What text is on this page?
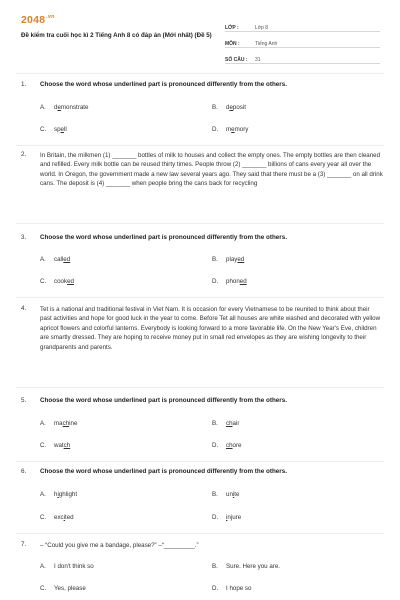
$2048^{.vn}$
Đề kiểm tra cuối học kì 2 Tiếng Anh 8 có đáp án (Mới nhất) (Đề 5)
LỚP :	Lớp 8
MÔN :	Tiếng Anh
SỐ CÂU :	31
1. Choose the word whose underlined part is pronounced differently from the others.
A. demonstrate	B. deposit
C. spell	D. memory
2. In Britain, the milkmen (1) _______ bottles of milk to houses and collect the empty ones. The empty bottles are then cleaned and refilled. Every milk bottle can be reused thirty times. People throw (2) _______ billions of cans every year all over the world. In Oregon, the government made a new law several years ago. They said that there must be a (3) _______ on all drink cans. The deposit is (4) _______ when people bring the cans back for recycling
3. Choose the word whose underlined part is pronounced differently from the others.
A. called	B. played
C. cooked	D. phoned
4. Tet is a national and traditional festival in Viet Nam. It is occasion for every Vietnamese to be reunited to think about their past activities and hope for good luck in the year to come. Before Tet all houses are white washed and decorated with yellow apricot flowers and colorful lanterns. Everybody is looking forward to a more favorable life. On the New Year's Eve, children are smartly dressed. They are hoping to receive money put in small red envelopes as they are wishing longevity to their grandparents and parents.
5. Choose the word whose underlined part is pronounced differently from the others.
A. machine	B. chair
C. watch	D. chore
6. Choose the word whose underlined part is pronounced differently from the others.
A. highlight	B. unite
C. excited	D. injure
7. – “Could you give me a bandage, please?” –“_________.”
A. I don't think so	B. Sure. Here you are.
C. Yes, please	D. I hope so
